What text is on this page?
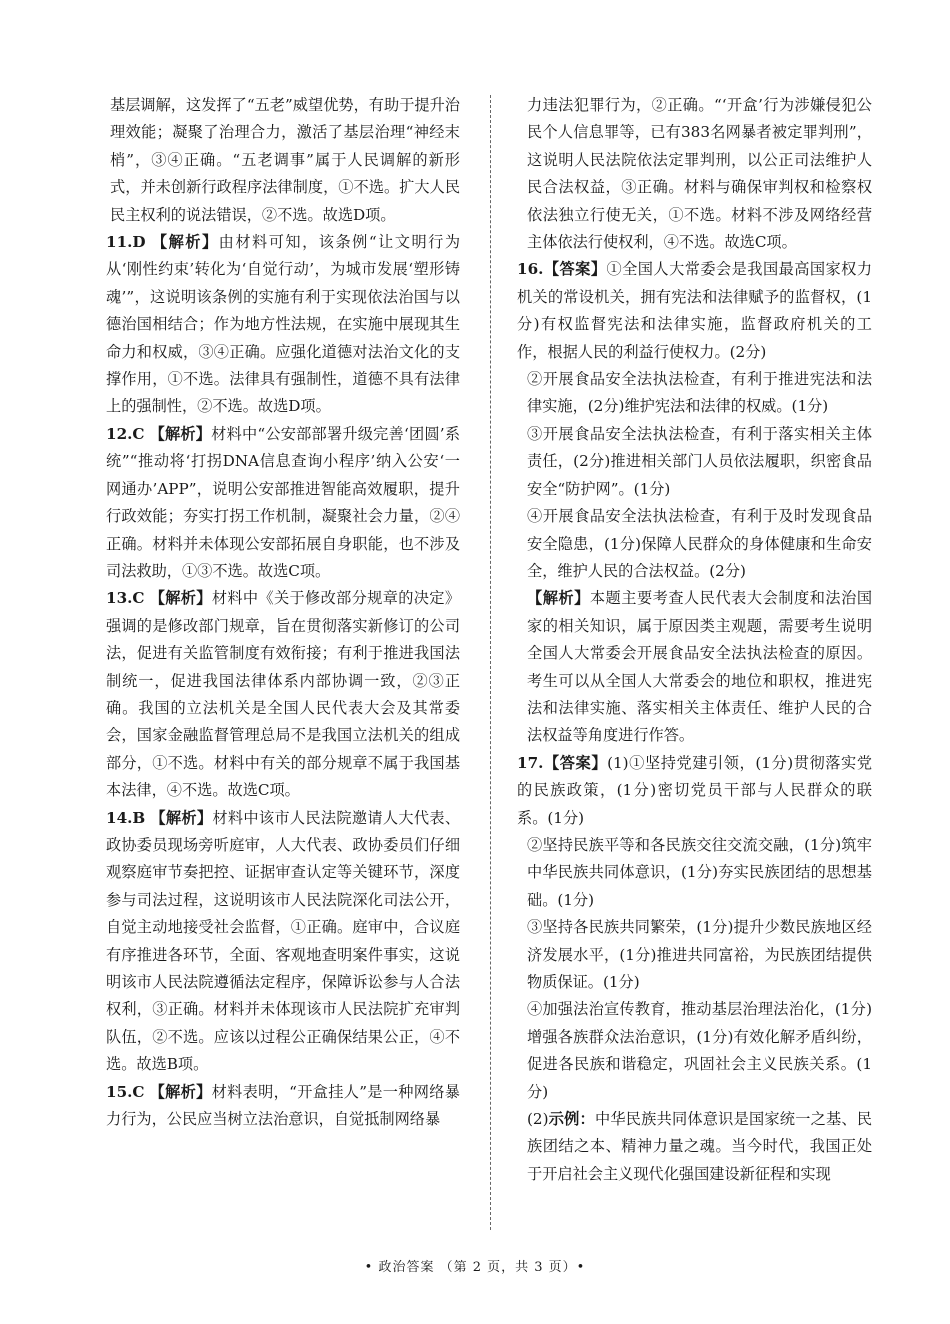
基层调解，这发挥了“五老”威望优势，有助于提升治理效能；凝聚了治理合力，激活了基层治理“神经末梢”，③④正确。“五老调事”属于人民调解的新形式，并未创新行政程序法律制度，①不选。扩大人民民主权利的说法错误，②不选。故选D项。

11.D 【解析】由材料可知，该条例“让文明行为从‘刚性约束’转化为‘自觉行动’，为城市发展‘塑形铸魂’”，这说明该条例的实施有利于实现依法治国与以德治国相结合；作为地方性法规，在实施中展现其生命力和权威，③④正确。应强化道德对法治文化的支撑作用，①不选。法律具有强制性，道德不具有法律上的强制性，②不选。故选D项。
12.C 【解析】材料中“公安部部署升级完善‘团圆’系统”“推动将‘打拐DNA信息查询小程序’纳入公安‘一网通办’APP”，说明公安部推进智能高效履职，提升行政效能；夯实打拐工作机制，凝聚社会力量，②④正确。材料并未体现公安部拓展自身职能，也不涉及司法救助，①③不选。故选C项。
13.C 【解析】材料中《关于修改部分规章的决定》强调的是修改部门规章，旨在贯彻落实新修订的公司法，促进有关监管制度有效衔接；有利于推进我国法制统一，促进我国法律体系内部协调一致，②③正确。我国的立法机关是全国人民代表大会及其常委会，国家金融监督管理总局不是我国立法机关的组成部分，①不选。材料中有关的部分规章不属于我国基本法律，④不选。故选C项。
14.B 【解析】材料中该市人民法院邀请人大代表、政协委员现场旁听庭审，人大代表、政协委员们仔细观察庭审节奏把控、证据审查认定等关键环节，深度参与司法过程，这说明该市人民法院深化司法公开，自觉主动地接受社会监督，①正确。庭审中，合议庭有序推进各环节，全面、客观地查明案件事实，这说明该市人民法院遵循法定程序，保障诉讼参与人合法权利，③正确。材料并未体现该市人民法院扩充审判队伍，②不选。应该以过程公正确保结果公正，④不选。故选B项。
15.C 【解析】材料表明，“开盒挂人”是一种网络暴力行为，公民应当树立法治意识，自觉抵制网络暴

力违法犯罪行为，②正确。“‘开盒’行为涉嫌侵犯公民个人信息罪等，已有383名网暴者被定罪判刑”，这说明人民法院依法定罪判刑，以公正司法维护人民合法权益，③正确。材料与确保审判权和检察权依法独立行使无关，①不选。材料不涉及网络经营主体依法行使权利，④不选。故选C项。

16.【答案】①全国人大常委会是我国最高国家权力机关的常设机关，拥有宪法和法律赋予的监督权，(1分)有权监督宪法和法律实施，监督政府机关的工作，根据人民的利益行使权力。(2分)

②开展食品安全法执法检查，有利于推进宪法和法律实施，(2分)维护宪法和法律的权威。(1分)

③开展食品安全法执法检查，有利于落实相关主体责任，(2分)推进相关部门人员依法履职，织密食品安全“防护网”。(1分)

④开展食品安全法执法检查，有利于及时发现食品安全隐患，(1分)保障人民群众的身体健康和生命安全，维护人民的合法权益。(2分)

【解析】本题主要考查人民代表大会制度和法治国家的相关知识，属于原因类主观题，需要考生说明全国人大常委会开展食品安全法执法检查的原因。考生可以从全国人大常委会的地位和职权，推进宪法和法律实施、落实相关主体责任、维护人民的合法权益等角度进行作答。

17.【答案】(1)①坚持党建引领，(1分)贯彻落实党的民族政策，(1分)密切党员干部与人民群众的联系。(1分)

②坚持民族平等和各民族交往交流交融，(1分)筑牢中华民族共同体意识，(1分)夯实民族团结的思想基础。(1分)

③坚持各民族共同繁荣，(1分)提升少数民族地区经济发展水平，(1分)推进共同富裕，为民族团结提供物质保证。(1分)

④加强法治宣传教育，推动基层治理法治化，(1分)增强各族群众法治意识，(1分)有效化解矛盾纠纷，促进各民族和谐稳定，巩固社会主义民族关系。(1分)

(2)示例：中华民族共同体意识是国家统一之基、民族团结之本、精神力量之魂。当今时代，我国正处于开启社会主义现代化强国建设新征程和实现

• 政治答案 （第 2 页，共 3 页）•
